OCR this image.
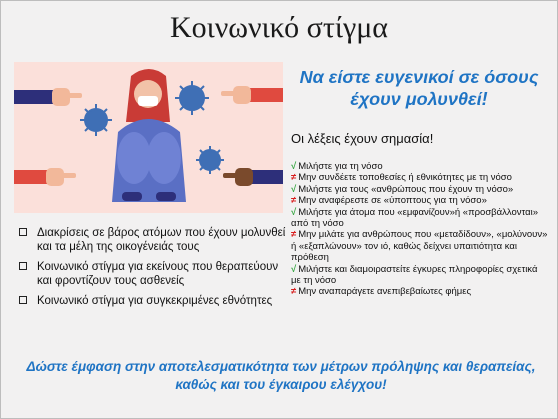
Κοινωνικό στίγμα
Να είστε ευγενικοί σε όσους έχουν μολυνθεί!
Οι λέξεις έχουν σημασία!
√ Μιλήστε για τη νόσο
≠ Μην συνδέετε τοποθεσίες ή εθνικότητες με τη νόσο
√ Μιλήστε για τους «ανθρώπους που έχουν τη νόσο»
≠ Μην αναφέρεστε σε «ύποπτους για τη νόσο»
√ Μιλήστε για άτομα που «εμφανίζουν»ή «προσβάλλονται» από τη νόσο
≠ Μην μιλάτε για ανθρώπους που «μεταδίδουν», «μολύνουν» ή «εξαπλώνουν» τον ιό, καθώς δείχνει υπαιτιότητα και πρόθεση
√ Μιλήστε και διαμοιραστείτε έγκυρες πληροφορίες σχετικά με τη νόσο
≠ Μην αναπαράγετε ανεπιβεβαίωτες φήμες
Διακρίσεις σε βάρος ατόμων που έχουν μολυνθεί και τα μέλη της οικογένειάς τους
Κοινωνικό στίγμα για εκείνους που θεραπεύουν και φροντίζουν τους ασθενείς
Κοινωνικό στίγμα για συγκεκριμένες εθνότητες
Δώστε έμφαση στην αποτελεσματικότητα των μέτρων πρόληψης και θεραπείας, καθώς και του έγκαιρου ελέγχου!
